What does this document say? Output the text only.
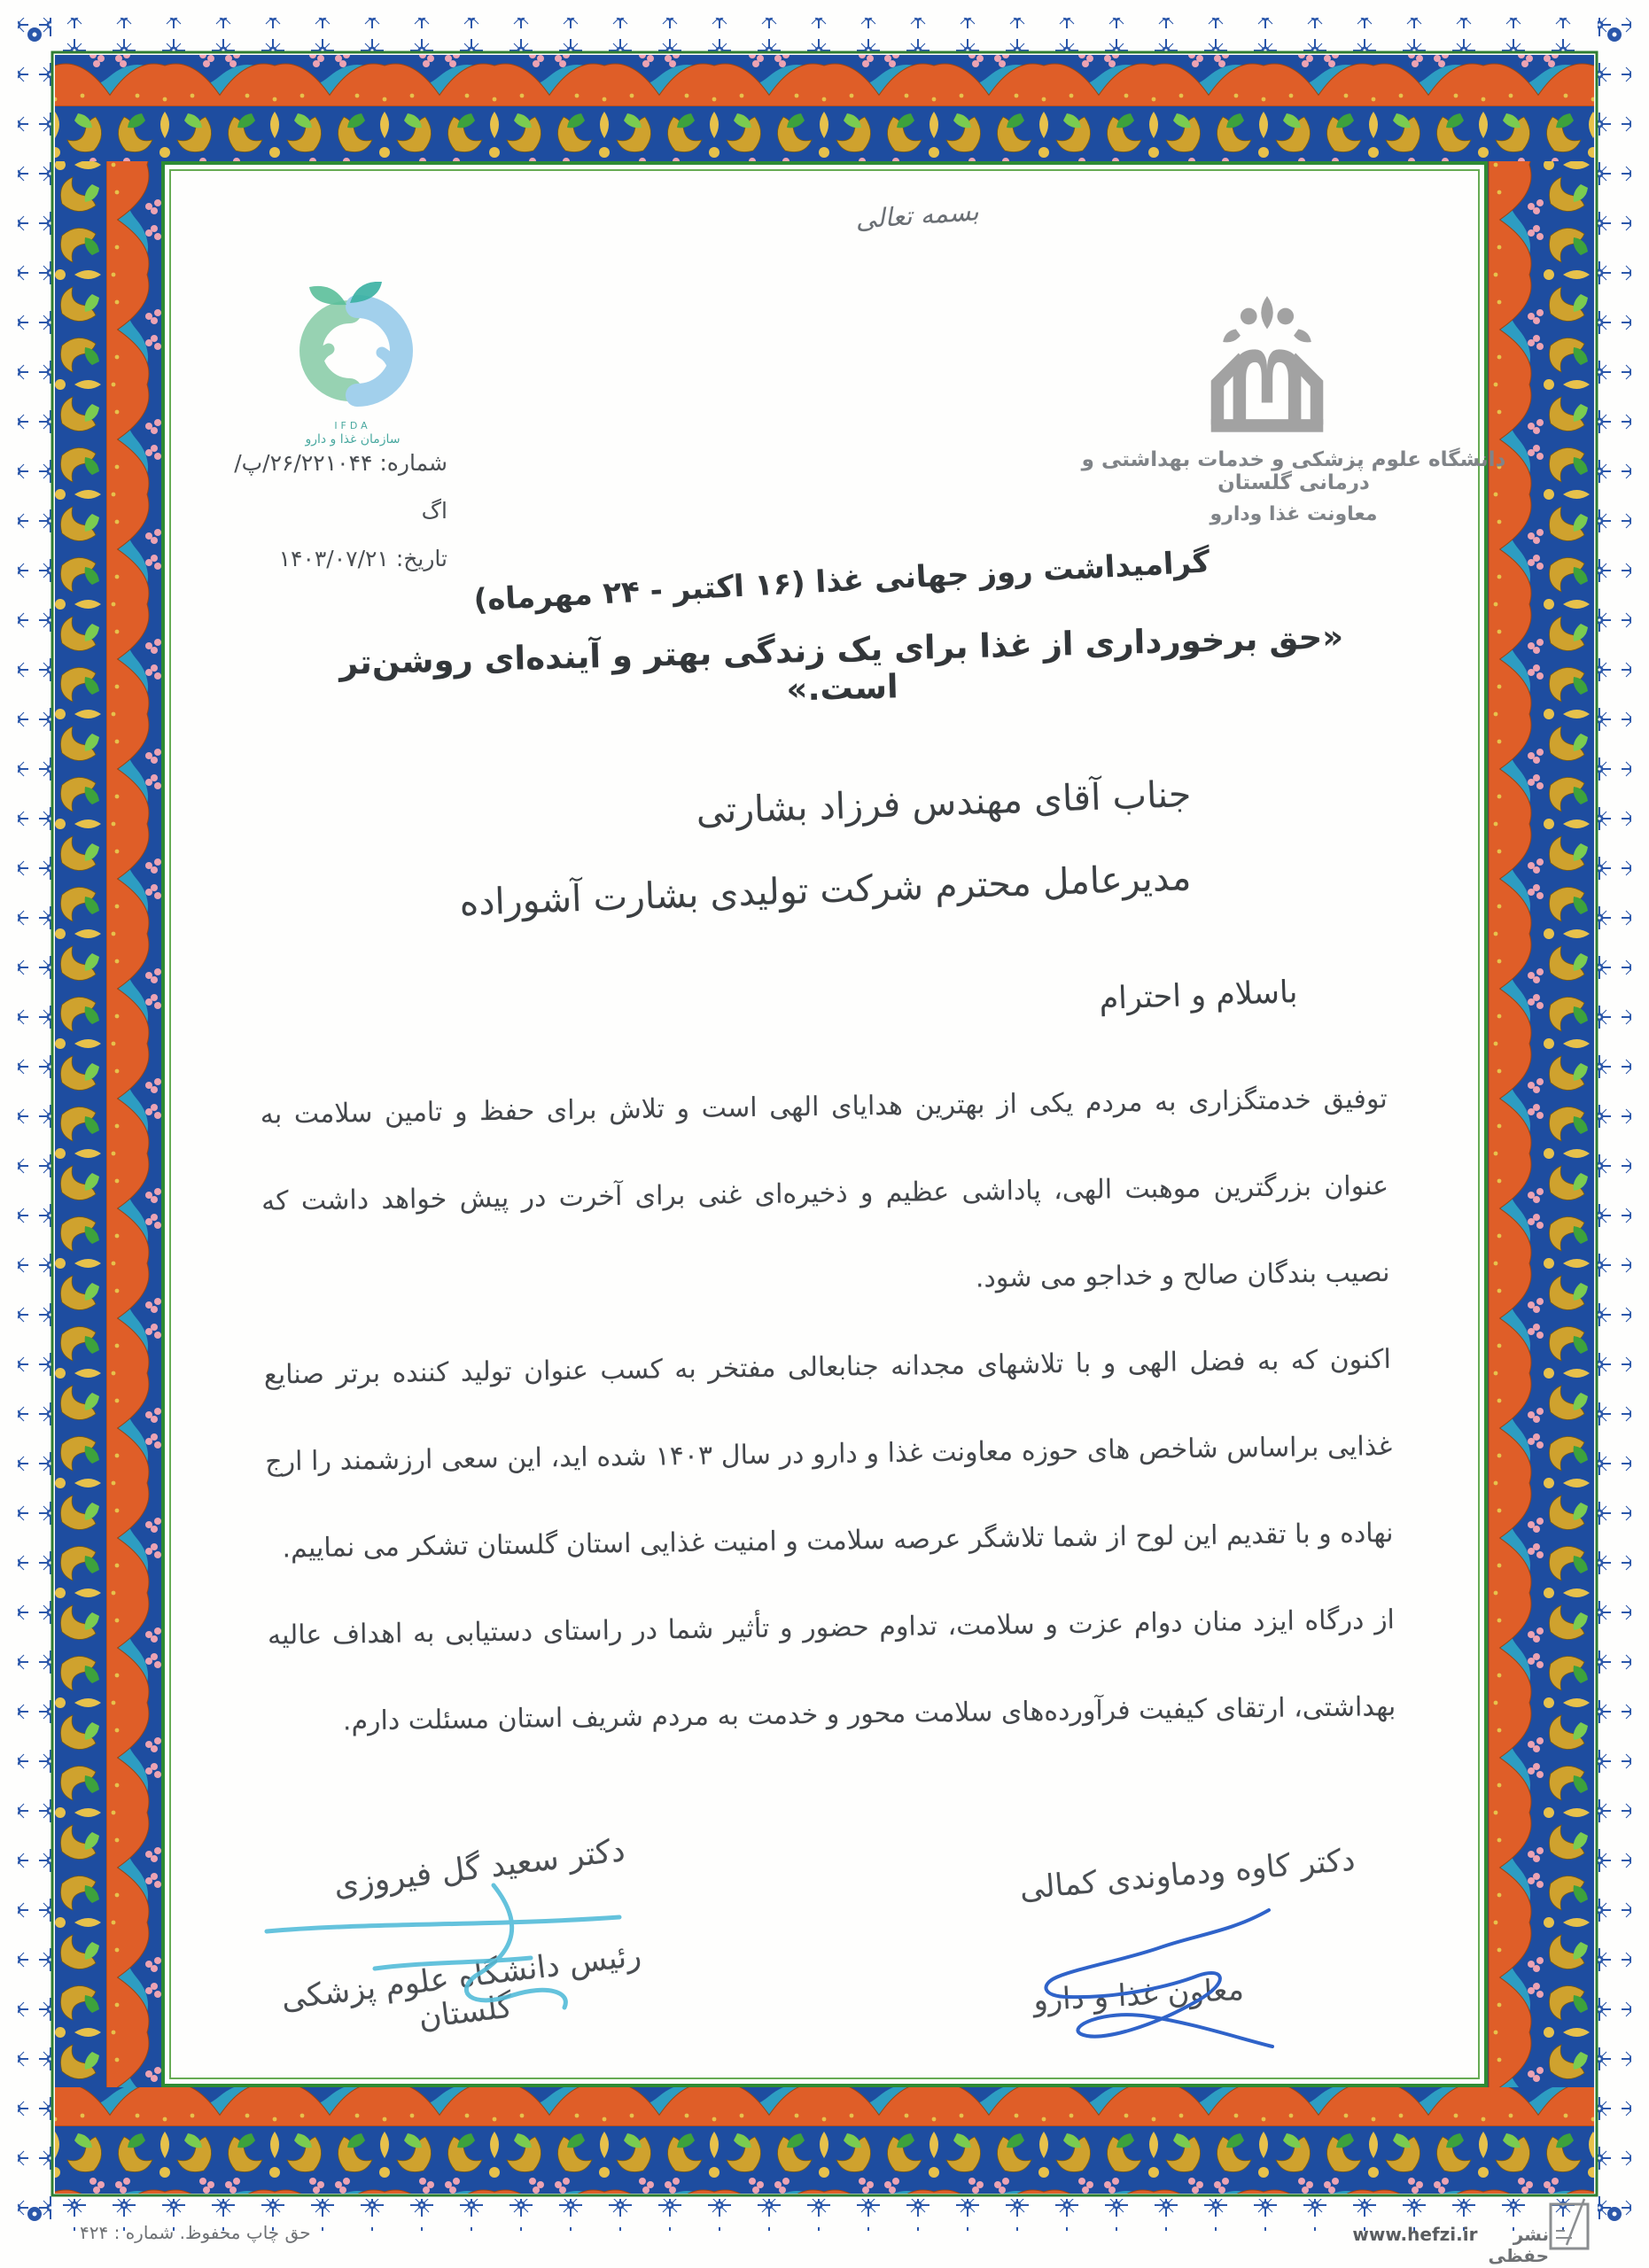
بسمه تعالی
IFDA
سازمان غذا و دارو
دانشگاه علوم پزشکی و خدمات بهداشتی و درمانی گلستان
معاونت غذا ودارو
شماره: ۲۶/۲۲۱۰۴۴/پ/اگ
تاریخ: ۱۴۰۳/۰۷/۲۱
گرامیداشت روز جهانی غذا (۱۶ اکتبر - ۲۴ مهرماه)
«حق برخورداری از غذا برای یک زندگی بهتر و آینده‌ای روشن‌تر است.»
جناب آقای مهندس فرزاد بشارتی
مدیرعامل محترم شرکت تولیدی بشارت آشوراده
باسلام و احترام

توفیق خدمتگزاری به مردم یکی از بهترین هدایای الهی است و تلاش برای حفظ و تامین سلامت به عنوان بزرگترین موهبت الهی، پاداشی عظیم و ذخیره‌ای غنی برای آخرت در پیش خواهد داشت که نصیب بندگان صالح و خداجو می شود.

اکنون که به فضل الهی و با تلاشهای مجدانه جنابعالی مفتخر به کسب عنوان تولید کننده برتر صنایع غذایی براساس شاخص های حوزه معاونت غذا و دارو در سال ۱۴۰۳ شده اید، این سعی ارزشمند را ارج نهاده و با تقدیم این لوح از شما تلاشگر عرصه سلامت و امنیت غذایی استان گلستان تشکر می نماییم.

از درگاه ایزد منان دوام عزت و سلامت، تداوم حضور و تأثیر شما در راستای دستیابی به اهداف عالیه بهداشتی، ارتقای کیفیت فرآورده‌های سلامت محور و خدمت به مردم شریف استان مسئلت دارم.

دکتر کاوه ودماوندی کمالی
معاون غذا و دارو
دکتر سعید گل فیروزی
رئیس دانشگاه علوم پزشکی گلستان
حق چاپ محفوظ. شماره : ۴۲۴	نشر حفظی
www.hefzi.ir
